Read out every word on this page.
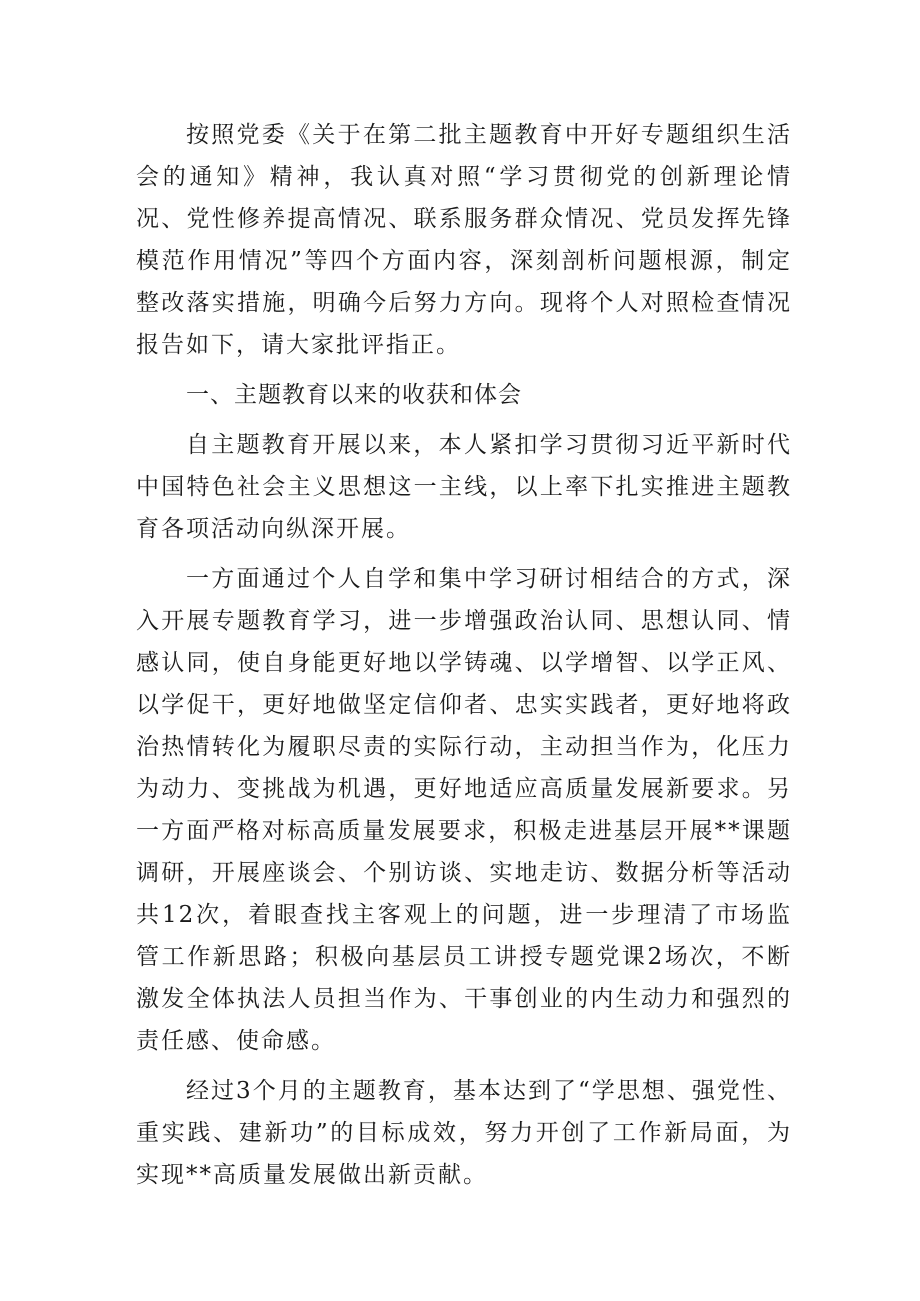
按照党委《关于在第二批主题教育中开好专题组织生活会的通知》精神，我认真对照“学习贯彻党的创新理论情况、党性修养提高情况、联系服务群众情况、党员发挥先锋模范作用情况”等四个方面内容，深刻剖析问题根源，制定整改落实措施，明确今后努力方向。现将个人对照检查情况报告如下，请大家批评指正。

一、主题教育以来的收获和体会

自主题教育开展以来，本人紧扣学习贯彻习近平新时代中国特色社会主义思想这一主线，以上率下扎实推进主题教育各项活动向纵深开展。

一方面通过个人自学和集中学习研讨相结合的方式，深入开展专题教育学习，进一步增强政治认同、思想认同、情感认同，使自身能更好地以学铸魂、以学增智、以学正风、以学促干，更好地做坚定信仰者、忠实实践者，更好地将政治热情转化为履职尽责的实际行动，主动担当作为，化压力为动力、变挑战为机遇，更好地适应高质量发展新要求。另一方面严格对标高质量发展要求，积极走进基层开展**课题调研，开展座谈会、个别访谈、实地走访、数据分析等活动共12次，着眼查找主客观上的问题，进一步理清了市场监管工作新思路；积极向基层员工讲授专题党课2场次，不断激发全体执法人员担当作为、干事创业的内生动力和强烈的责任感、使命感。

经过3个月的主题教育，基本达到了“学思想、强党性、重实践、建新功”的目标成效，努力开创了工作新局面，为实现**高质量发展做出新贡献。
